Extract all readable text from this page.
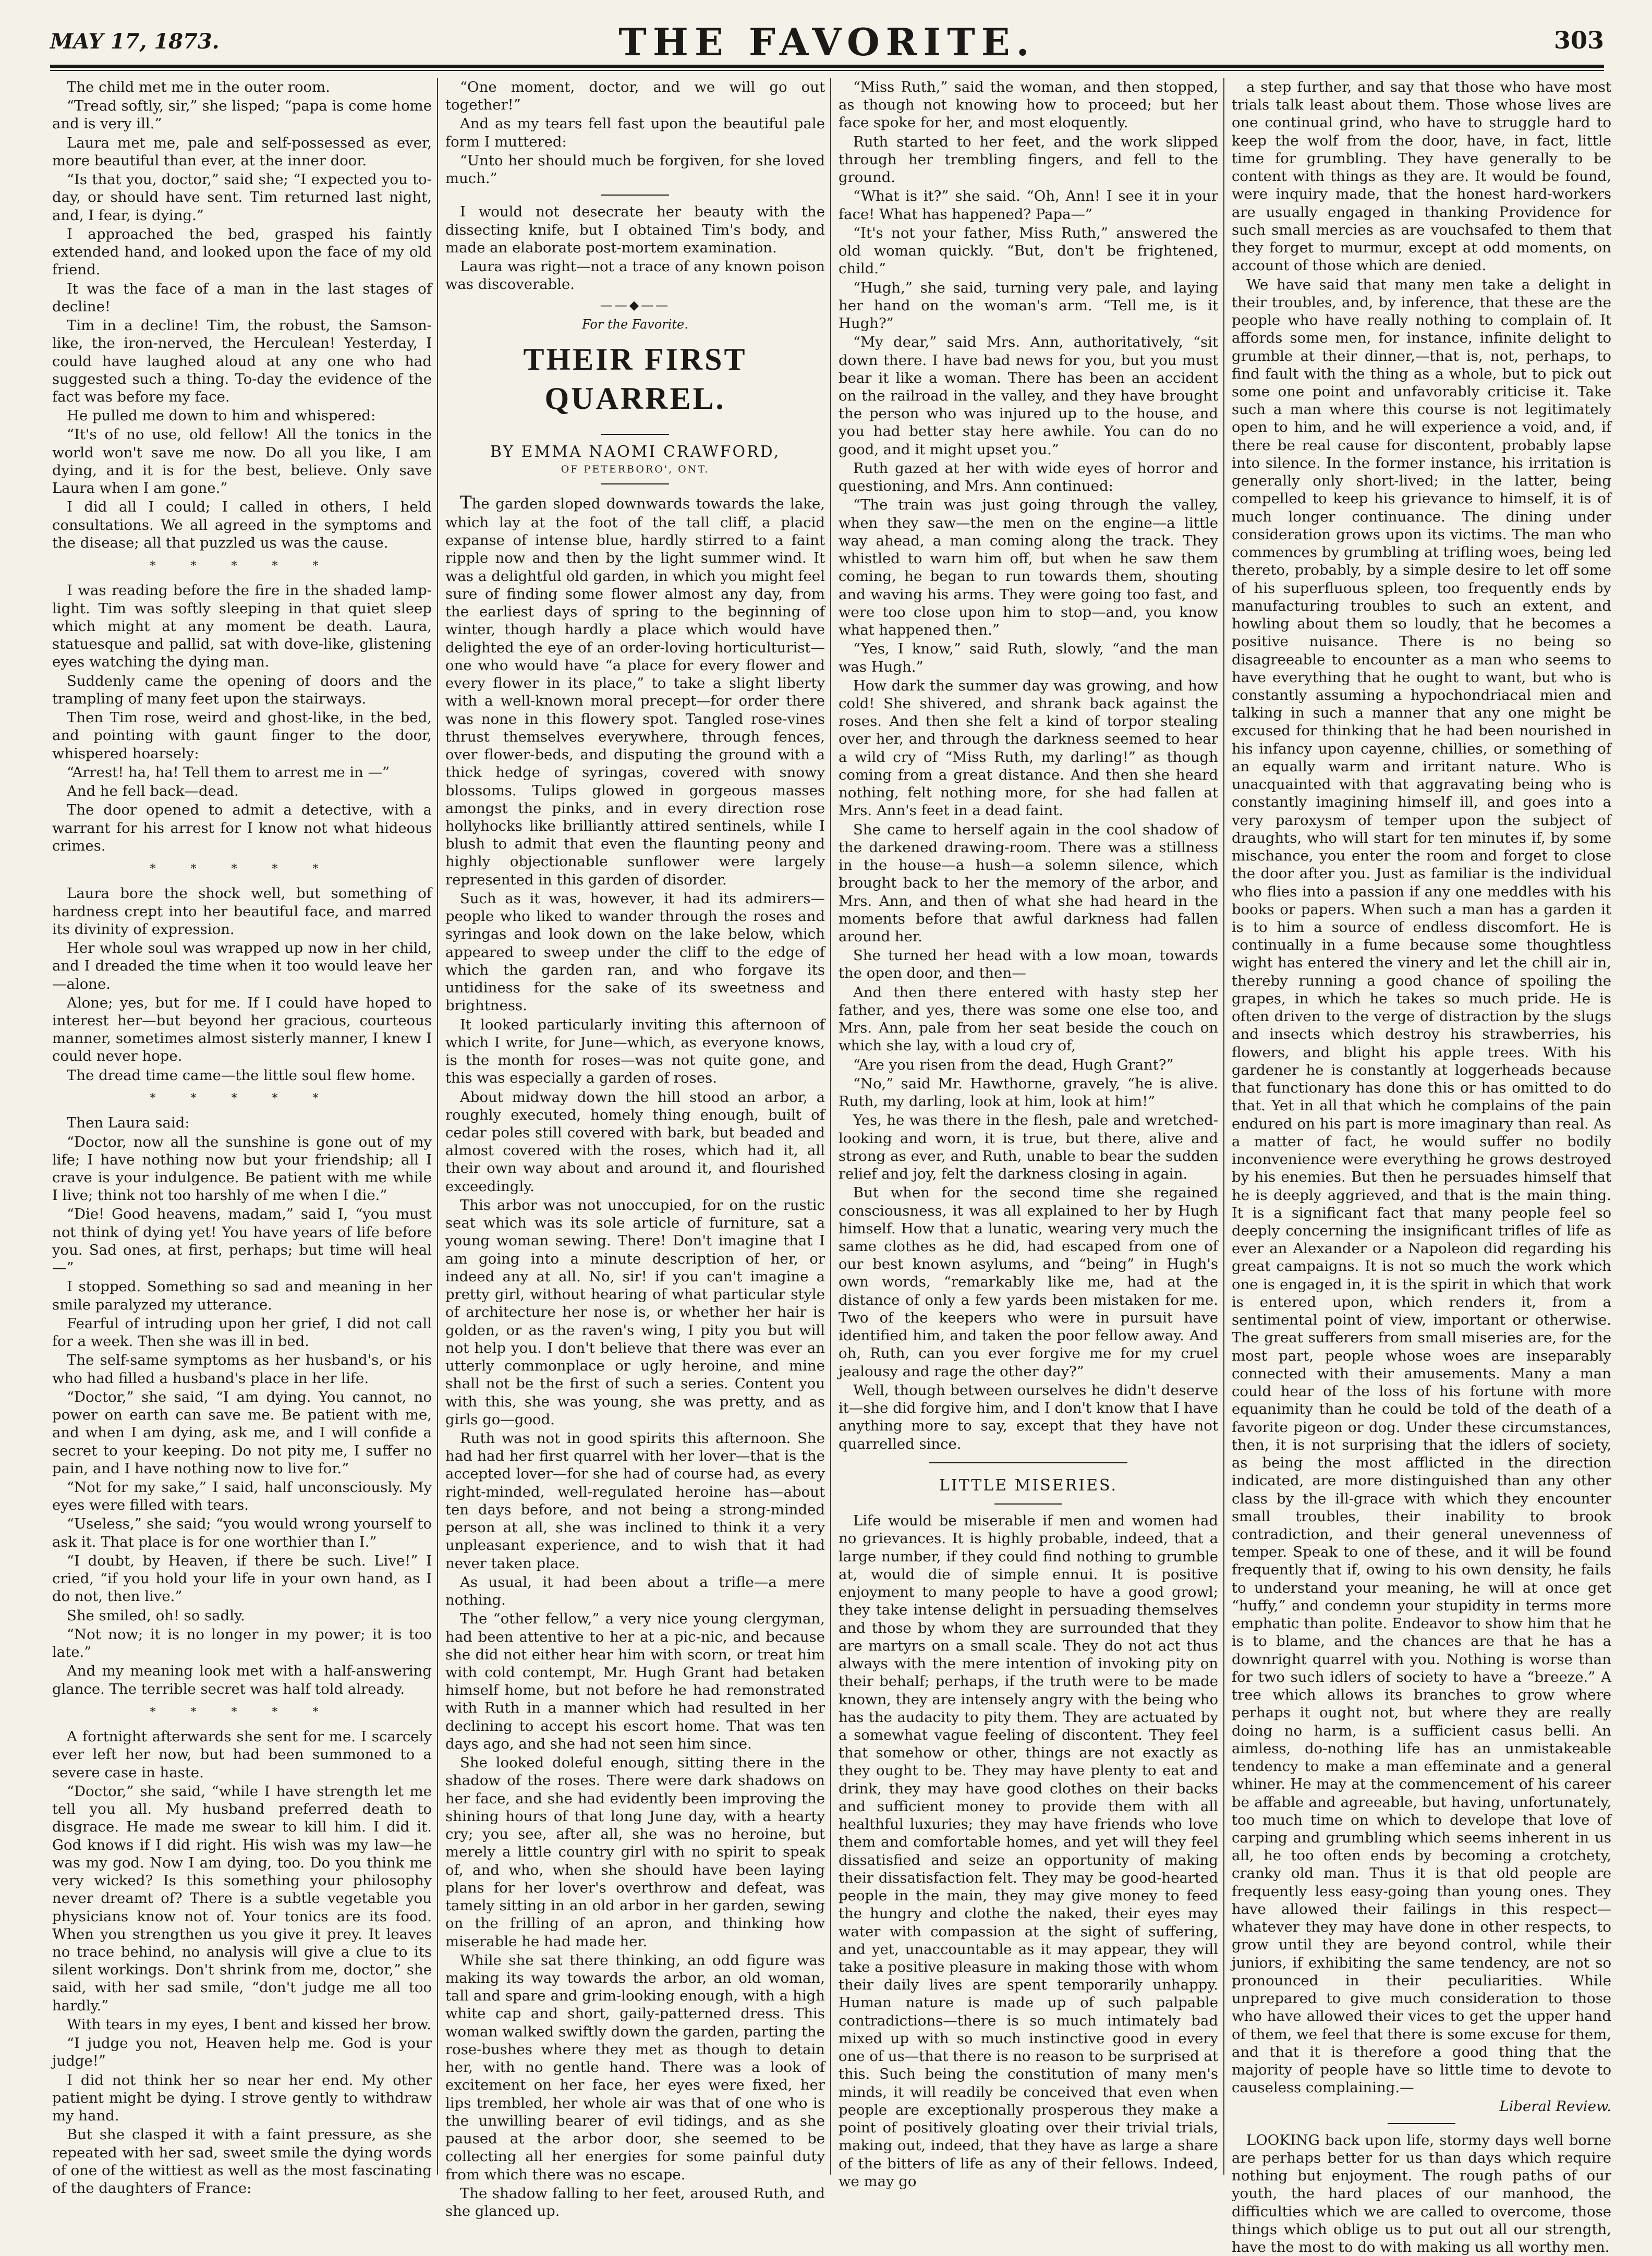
MAY 17, 1873.	THE FAVORITE.	303

The child met me in the outer room.

“Tread softly, sir,” she lisped; “papa is come home and is very ill.”

Laura met me, pale and self-possessed as ever, more beautiful than ever, at the inner door.

“Is that you, doctor,” said she; “I expected you to-day, or should have sent. Tim returned last night, and, I fear, is dying.”

I approached the bed, grasped his faintly extended hand, and looked upon the face of my old friend.

It was the face of a man in the last stages of decline!

Tim in a decline! Tim, the robust, the Samson-like, the iron-nerved, the Herculean! Yesterday, I could have laughed aloud at any one who had suggested such a thing. To-day the evidence of the fact was before my face.

He pulled me down to him and whispered:

“It's of no use, old fellow! All the tonics in the world won't save me now. Do all you like, I am dying, and it is for the best, believe. Only save Laura when I am gone.”

I did all I could; I called in others, I held consultations. We all agreed in the symptoms and the disease; all that puzzled us was the cause.

* * * * *

I was reading before the fire in the shaded lamp-light. Tim was softly sleeping in that quiet sleep which might at any moment be death. Laura, statuesque and pallid, sat with dove-like, glistening eyes watching the dying man.

Suddenly came the opening of doors and the trampling of many feet upon the stairways.

Then Tim rose, weird and ghost-like, in the bed, and pointing with gaunt finger to the door, whispered hoarsely:

“Arrest! ha, ha! Tell them to arrest me in —”

And he fell back—dead.

The door opened to admit a detective, with a warrant for his arrest for I know not what hideous crimes.

* * * * *

Laura bore the shock well, but something of hardness crept into her beautiful face, and marred its divinity of expression.

Her whole soul was wrapped up now in her child, and I dreaded the time when it too would leave her—alone.

Alone; yes, but for me. If I could have hoped to interest her—but beyond her gracious, courteous manner, sometimes almost sisterly manner, I knew I could never hope.

The dread time came—the little soul flew home.

* * * * *

Then Laura said:

“Doctor, now all the sunshine is gone out of my life; I have nothing now but your friendship; all I crave is your indulgence. Be patient with me while I live; think not too harshly of me when I die.”

“Die! Good heavens, madam,” said I, “you must not think of dying yet! You have years of life before you. Sad ones, at first, perhaps; but time will heal —”

I stopped. Something so sad and meaning in her smile paralyzed my utterance.

Fearful of intruding upon her grief, I did not call for a week. Then she was ill in bed.

The self-same symptoms as her husband's, or his who had filled a husband's place in her life.

“Doctor,” she said, “I am dying. You cannot, no power on earth can save me. Be patient with me, and when I am dying, ask me, and I will confide a secret to your keeping. Do not pity me, I suffer no pain, and I have nothing now to live for.”

“Not for my sake,” I said, half unconsciously. My eyes were filled with tears.

“Useless,” she said; “you would wrong yourself to ask it. That place is for one worthier than I.”

“I doubt, by Heaven, if there be such. Live!” I cried, “if you hold your life in your own hand, as I do not, then live.”

She smiled, oh! so sadly.

“Not now; it is no longer in my power; it is too late.”

And my meaning look met with a half-answering glance. The terrible secret was half told already.

* * * * *

A fortnight afterwards she sent for me. I scarcely ever left her now, but had been summoned to a severe case in haste.

“Doctor,” she said, “while I have strength let me tell you all. My husband preferred death to disgrace. He made me swear to kill him. I did it. God knows if I did right. His wish was my law—he was my god. Now I am dying, too. Do you think me very wicked? Is this something your philosophy never dreamt of? There is a subtle vegetable you physicians know not of. Your tonics are its food. When you strengthen us you give it prey. It leaves no trace behind, no analysis will give a clue to its silent workings. Don't shrink from me, doctor,” she said, with her sad smile, “don't judge me all too hardly.”

With tears in my eyes, I bent and kissed her brow.

“I judge you not, Heaven help me. God is your judge!”

I did not think her so near her end. My other patient might be dying. I strove gently to withdraw my hand.

But she clasped it with a faint pressure, as she repeated with her sad, sweet smile the dying words of one of the wittiest as well as the most fascinating of the daughters of France:

“One moment, doctor, and we will go out together!”

And as my tears fell fast upon the beautiful pale form I muttered:

“Unto her should much be forgiven, for she loved much.”

I would not desecrate her beauty with the dissecting knife, but I obtained Tim's body, and made an elaborate post-mortem examination.

Laura was right—not a trace of any known poison was discoverable.

——◆——

For the Favorite.

THEIR FIRST QUARREL.

BY EMMA NAOMI CRAWFORD,

OF PETERBORO', ONT.

The garden sloped downwards towards the lake, which lay at the foot of the tall cliff, a placid expanse of intense blue, hardly stirred to a faint ripple now and then by the light summer wind. It was a delightful old garden, in which you might feel sure of finding some flower almost any day, from the earliest days of spring to the beginning of winter, though hardly a place which would have delighted the eye of an order-loving horticulturist—one who would have “a place for every flower and every flower in its place,” to take a slight liberty with a well-known moral precept—for order there was none in this flowery spot. Tangled rose-vines thrust themselves everywhere, through fences, over flower-beds, and disputing the ground with a thick hedge of syringas, covered with snowy blossoms. Tulips glowed in gorgeous masses amongst the pinks, and in every direction rose hollyhocks like brilliantly attired sentinels, while I blush to admit that even the flaunting peony and highly objectionable sunflower were largely represented in this garden of disorder.

Such as it was, however, it had its admirers—people who liked to wander through the roses and syringas and look down on the lake below, which appeared to sweep under the cliff to the edge of which the garden ran, and who forgave its untidiness for the sake of its sweetness and brightness.

It looked particularly inviting this afternoon of which I write, for June—which, as everyone knows, is the month for roses—was not quite gone, and this was especially a garden of roses.

About midway down the hill stood an arbor, a roughly executed, homely thing enough, built of cedar poles still covered with bark, but beaded and almost covered with the roses, which had it, all their own way about and around it, and flourished exceedingly.

This arbor was not unoccupied, for on the rustic seat which was its sole article of furniture, sat a young woman sewing. There! Don't imagine that I am going into a minute description of her, or indeed any at all. No, sir! if you can't imagine a pretty girl, without hearing of what particular style of architecture her nose is, or whether her hair is golden, or as the raven's wing, I pity you but will not help you. I don't believe that there was ever an utterly commonplace or ugly heroine, and mine shall not be the first of such a series. Content you with this, she was young, she was pretty, and as girls go—good.

Ruth was not in good spirits this afternoon. She had had her first quarrel with her lover—that is the accepted lover—for she had of course had, as every right-minded, well-regulated heroine has—about ten days before, and not being a strong-minded person at all, she was inclined to think it a very unpleasant experience, and to wish that it had never taken place.

As usual, it had been about a trifle—a mere nothing.

The “other fellow,” a very nice young clergyman, had been attentive to her at a pic-nic, and because she did not either hear him with scorn, or treat him with cold contempt, Mr. Hugh Grant had betaken himself home, but not before he had remonstrated with Ruth in a manner which had resulted in her declining to accept his escort home. That was ten days ago, and she had not seen him since.

She looked doleful enough, sitting there in the shadow of the roses. There were dark shadows on her face, and she had evidently been improving the shining hours of that long June day, with a hearty cry; you see, after all, she was no heroine, but merely a little country girl with no spirit to speak of, and who, when she should have been laying plans for her lover's overthrow and defeat, was tamely sitting in an old arbor in her garden, sewing on the frilling of an apron, and thinking how miserable he had made her.

While she sat there thinking, an odd figure was making its way towards the arbor, an old woman, tall and spare and grim-looking enough, with a high white cap and short, gaily-patterned dress. This woman walked swiftly down the garden, parting the rose-bushes where they met as though to detain her, with no gentle hand. There was a look of excitement on her face, her eyes were fixed, her lips trembled, her whole air was that of one who is the unwilling bearer of evil tidings, and as she paused at the arbor door, she seemed to be collecting all her energies for some painful duty from which there was no escape.

The shadow falling to her feet, aroused Ruth, and she glanced up.

“Miss Ruth,” said the woman, and then stopped, as though not knowing how to proceed; but her face spoke for her, and most eloquently.

Ruth started to her feet, and the work slipped through her trembling fingers, and fell to the ground.

“What is it?” she said. “Oh, Ann! I see it in your face! What has happened? Papa—”

“It's not your father, Miss Ruth,” answered the old woman quickly. “But, don't be frightened, child.”

“Hugh,” she said, turning very pale, and laying her hand on the woman's arm. “Tell me, is it Hugh?”

“My dear,” said Mrs. Ann, authoritatively, “sit down there. I have bad news for you, but you must bear it like a woman. There has been an accident on the railroad in the valley, and they have brought the person who was injured up to the house, and you had better stay here awhile. You can do no good, and it might upset you.”

Ruth gazed at her with wide eyes of horror and questioning, and Mrs. Ann continued:

“The train was just going through the valley, when they saw—the men on the engine—a little way ahead, a man coming along the track. They whistled to warn him off, but when he saw them coming, he began to run towards them, shouting and waving his arms. They were going too fast, and were too close upon him to stop—and, you know what happened then.”

“Yes, I know,” said Ruth, slowly, “and the man was Hugh.”

How dark the summer day was growing, and how cold! She shivered, and shrank back against the roses. And then she felt a kind of torpor stealing over her, and through the darkness seemed to hear a wild cry of “Miss Ruth, my darling!” as though coming from a great distance. And then she heard nothing, felt nothing more, for she had fallen at Mrs. Ann's feet in a dead faint.

She came to herself again in the cool shadow of the darkened drawing-room. There was a stillness in the house—a hush—a solemn silence, which brought back to her the memory of the arbor, and Mrs. Ann, and then of what she had heard in the moments before that awful darkness had fallen around her.

She turned her head with a low moan, towards the open door, and then—

And then there entered with hasty step her father, and yes, there was some one else too, and Mrs. Ann, pale from her seat beside the couch on which she lay, with a loud cry of,

“Are you risen from the dead, Hugh Grant?”

“No,” said Mr. Hawthorne, gravely, “he is alive. Ruth, my darling, look at him, look at him!”

Yes, he was there in the flesh, pale and wretched-looking and worn, it is true, but there, alive and strong as ever, and Ruth, unable to bear the sudden relief and joy, felt the darkness closing in again.

But when for the second time she regained consciousness, it was all explained to her by Hugh himself. How that a lunatic, wearing very much the same clothes as he did, had escaped from one of our best known asylums, and “being” in Hugh's own words, “remarkably like me, had at the distance of only a few yards been mistaken for me. Two of the keepers who were in pursuit have identified him, and taken the poor fellow away. And oh, Ruth, can you ever forgive me for my cruel jealousy and rage the other day?”

Well, though between ourselves he didn't deserve it—she did forgive him, and I don't know that I have anything more to say, except that they have not quarrelled since.

LITTLE MISERIES.

Life would be miserable if men and women had no grievances. It is highly probable, indeed, that a large number, if they could find nothing to grumble at, would die of simple ennui. It is positive enjoyment to many people to have a good growl; they take intense delight in persuading themselves and those by whom they are surrounded that they are martyrs on a small scale. They do not act thus always with the mere intention of invoking pity on their behalf; perhaps, if the truth were to be made known, they are intensely angry with the being who has the audacity to pity them. They are actuated by a somewhat vague feeling of discontent. They feel that somehow or other, things are not exactly as they ought to be. They may have plenty to eat and drink, they may have good clothes on their backs and sufficient money to provide them with all healthful luxuries; they may have friends who love them and comfortable homes, and yet will they feel dissatisfied and seize an opportunity of making their dissatisfaction felt. They may be good-hearted people in the main, they may give money to feed the hungry and clothe the naked, their eyes may water with compassion at the sight of suffering, and yet, unaccountable as it may appear, they will take a positive pleasure in making those with whom their daily lives are spent temporarily unhappy. Human nature is made up of such palpable contradictions—there is so much intimately bad mixed up with so much instinctive good in every one of us—that there is no reason to be surprised at this. Such being the constitution of many men's minds, it will readily be conceived that even when people are exceptionally prosperous they make a point of positively gloating over their trivial trials, making out, indeed, that they have as large a share of the bitters of life as any of their fellows. Indeed, we may go

a step further, and say that those who have most trials talk least about them. Those whose lives are one continual grind, who have to struggle hard to keep the wolf from the door, have, in fact, little time for grumbling. They have generally to be content with things as they are. It would be found, were inquiry made, that the honest hard-workers are usually engaged in thanking Providence for such small mercies as are vouchsafed to them that they forget to murmur, except at odd moments, on account of those which are denied.

We have said that many men take a delight in their troubles, and, by inference, that these are the people who have really nothing to complain of. It affords some men, for instance, infinite delight to grumble at their dinner,—that is, not, perhaps, to find fault with the thing as a whole, but to pick out some one point and unfavorably criticise it. Take such a man where this course is not legitimately open to him, and he will experience a void, and, if there be real cause for discontent, probably lapse into silence. In the former instance, his irritation is generally only short-lived; in the latter, being compelled to keep his grievance to himself, it is of much longer continuance. The dining under consideration grows upon its victims. The man who commences by grumbling at trifling woes, being led thereto, probably, by a simple desire to let off some of his superfluous spleen, too frequently ends by manufacturing troubles to such an extent, and howling about them so loudly, that he becomes a positive nuisance. There is no being so disagreeable to encounter as a man who seems to have everything that he ought to want, but who is constantly assuming a hypochondriacal mien and talking in such a manner that any one might be excused for thinking that he had been nourished in his infancy upon cayenne, chillies, or something of an equally warm and irritant nature. Who is unacquainted with that aggravating being who is constantly imagining himself ill, and goes into a very paroxysm of temper upon the subject of draughts, who will start for ten minutes if, by some mischance, you enter the room and forget to close the door after you. Just as familiar is the individual who flies into a passion if any one meddles with his books or papers. When such a man has a garden it is to him a source of endless discomfort. He is continually in a fume because some thoughtless wight has entered the vinery and let the chill air in, thereby running a good chance of spoiling the grapes, in which he takes so much pride. He is often driven to the verge of distraction by the slugs and insects which destroy his strawberries, his flowers, and blight his apple trees. With his gardener he is constantly at loggerheads because that functionary has done this or has omitted to do that. Yet in all that which he complains of the pain endured on his part is more imaginary than real. As a matter of fact, he would suffer no bodily inconvenience were everything he grows destroyed by his enemies. But then he persuades himself that he is deeply aggrieved, and that is the main thing. It is a significant fact that many people feel so deeply concerning the insignificant trifles of life as ever an Alexander or a Napoleon did regarding his great campaigns. It is not so much the work which one is engaged in, it is the spirit in which that work is entered upon, which renders it, from a sentimental point of view, important or otherwise. The great sufferers from small miseries are, for the most part, people whose woes are inseparably connected with their amusements. Many a man could hear of the loss of his fortune with more equanimity than he could be told of the death of a favorite pigeon or dog. Under these circumstances, then, it is not surprising that the idlers of society, as being the most afflicted in the direction indicated, are more distinguished than any other class by the ill-grace with which they encounter small troubles, their inability to brook contradiction, and their general unevenness of temper. Speak to one of these, and it will be found frequently that if, owing to his own density, he fails to understand your meaning, he will at once get “huffy,” and condemn your stupidity in terms more emphatic than polite. Endeavor to show him that he is to blame, and the chances are that he has a downright quarrel with you. Nothing is worse than for two such idlers of society to have a “breeze.” A tree which allows its branches to grow where perhaps it ought not, but where they are really doing no harm, is a sufficient casus belli. An aimless, do-nothing life has an unmistakeable tendency to make a man effeminate and a general whiner. He may at the commencement of his career be affable and agreeable, but having, unfortunately, too much time on which to develope that love of carping and grumbling which seems inherent in us all, he too often ends by becoming a crotchety, cranky old man. Thus it is that old people are frequently less easy-going than young ones. They have allowed their failings in this respect—whatever they may have done in other respects, to grow until they are beyond control, while their juniors, if exhibiting the same tendency, are not so pronounced in their peculiarities. While unprepared to give much consideration to those who have allowed their vices to get the upper hand of them, we feel that there is some excuse for them, and that it is therefore a good thing that the majority of people have so little time to devote to causeless complaining.—

Liberal Review.

LOOKING back upon life, stormy days well borne are perhaps better for us than days which require nothing but enjoyment. The rough paths of our youth, the hard places of our manhood, the difficulties which we are called to overcome, those things which oblige us to put out all our strength, have the most to do with making us all worthy men.
